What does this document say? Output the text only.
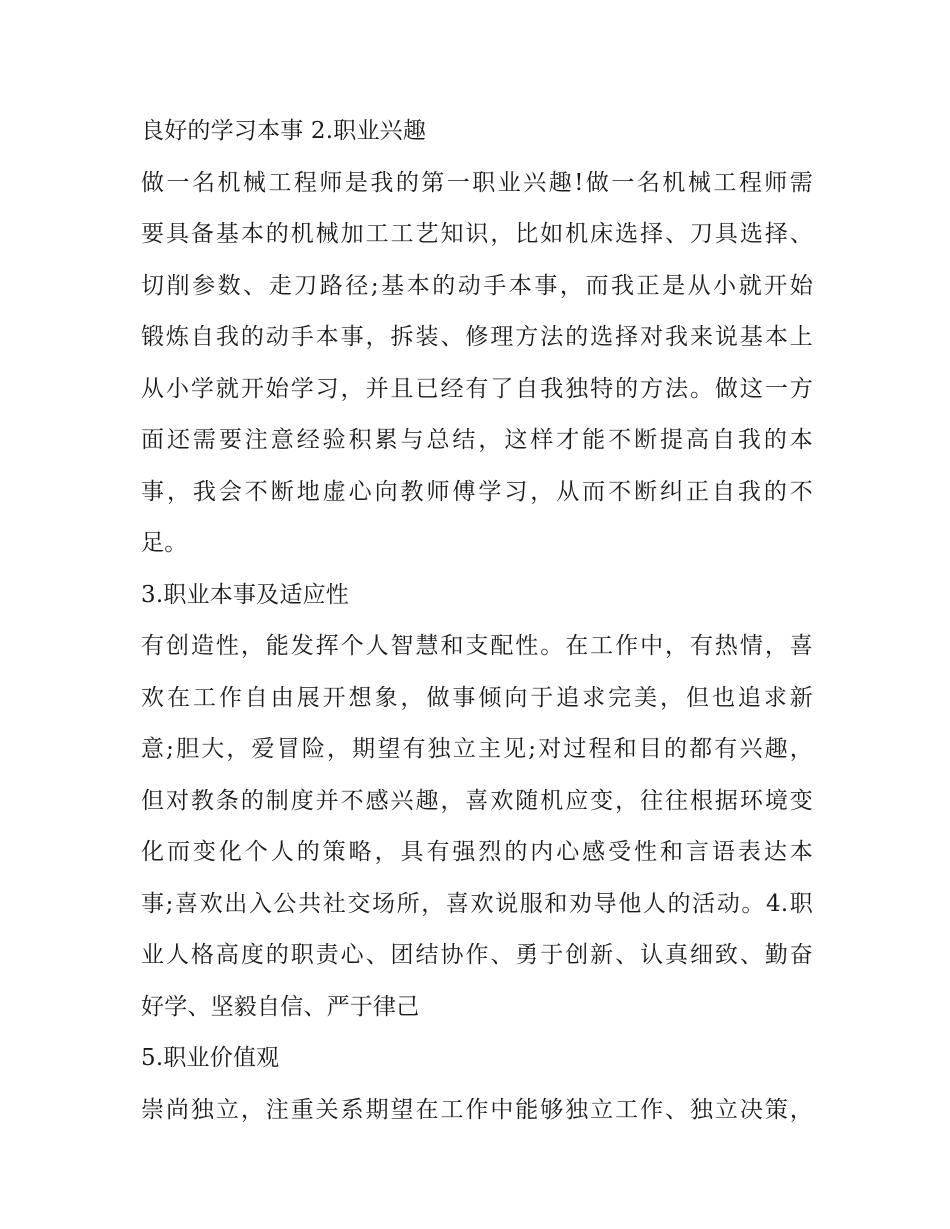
良好的学习本事 2.职业兴趣
做一名机械工程师是我的第一职业兴趣!做一名机械工程师需
要具备基本的机械加工工艺知识，比如机床选择、刀具选择、
切削参数、走刀路径;基本的动手本事，而我正是从小就开始
锻炼自我的动手本事，拆装、修理方法的选择对我来说基本上
从小学就开始学习，并且已经有了自我独特的方法。做这一方
面还需要注意经验积累与总结，这样才能不断提高自我的本
事，我会不断地虚心向教师傅学习，从而不断纠正自我的不
足。
3.职业本事及适应性
有创造性，能发挥个人智慧和支配性。在工作中，有热情，喜
欢在工作自由展开想象，做事倾向于追求完美，但也追求新
意;胆大，爱冒险，期望有独立主见;对过程和目的都有兴趣，
但对教条的制度并不感兴趣，喜欢随机应变，往往根据环境变
化而变化个人的策略，具有强烈的内心感受性和言语表达本
事;喜欢出入公共社交场所，喜欢说服和劝导他人的活动。4.职
业人格高度的职责心、团结协作、勇于创新、认真细致、勤奋
好学、坚毅自信、严于律己
5.职业价值观
崇尚独立，注重关系期望在工作中能够独立工作、独立决策，
